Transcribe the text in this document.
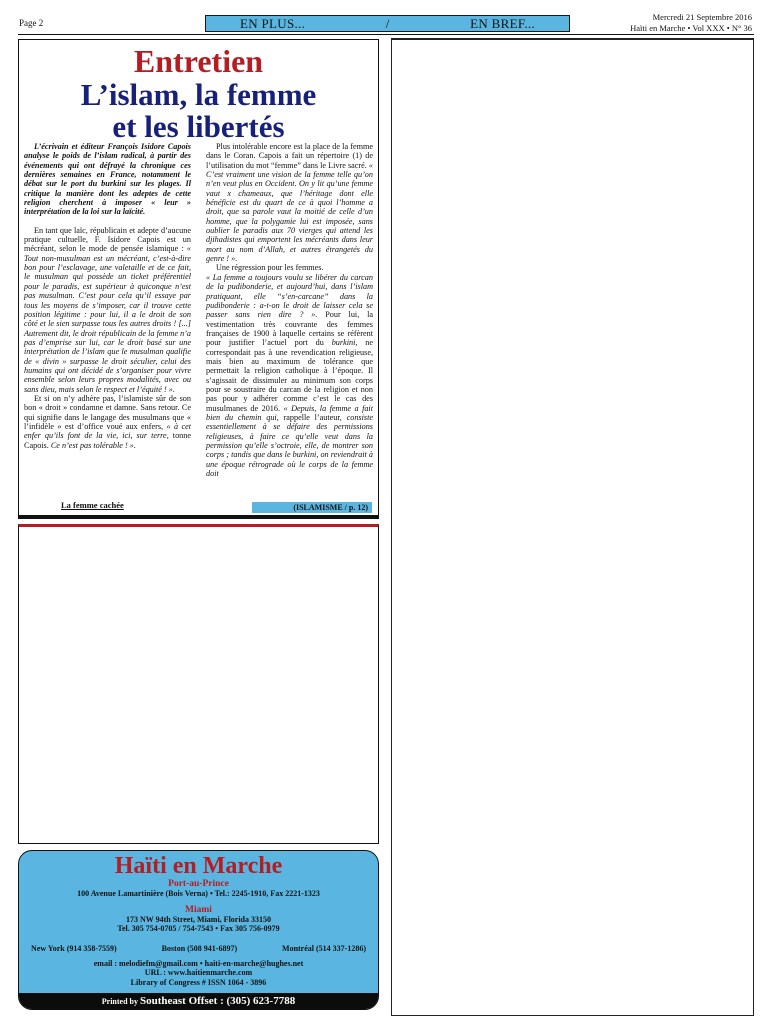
Page 2	EN PLUS...	/	EN BREF...	Mercredi 21 Septembre 2016
Haïti en Marche • Vol XXX • N° 36
Entretien
L’islam, la femme
et les libertés

L’écrivain et éditeur François Isidore Capois analyse le poids de l’islam radical, à partir des événements qui ont défrayé la chronique ces dernières semaines en France, notamment le débat sur le port du burkini sur les plages. Il critique la manière dont les adeptes de cette religion cherchent à imposer « leur » interprétation de la loi sur la laïcité.

En tant que laïc, républicain et adepte d’aucune pratique cultuelle, F. Isidore Capois est un mécréant, selon le mode de pensée islamique : « Tout non-musulman est un mécréant, c’est-à-dire bon pour l’esclavage, une valetaille et de ce fait, le musulman qui possède un ticket préférentiel pour le paradis, est supérieur à quiconque n’est pas musulman. C’est pour cela qu’il essaye par tous les moyens de s’imposer, car il trouve cette position légitime : pour lui, il a le droit de son côté et le sien surpasse tous les autres droits ! [...] Autrement dit, le droit républicain de la femme n’a pas d’emprise sur lui, car le droit basé sur une interprétation de l’islam que le musulman qualifie de « divin » surpasse le droit séculier, celui des humains qui ont décidé de s’organiser pour vivre ensemble selon leurs propres modalités, avec ou sans dieu, mais selon le respect et l’équité ! ».

Et si on n’y adhère pas, l’islamiste sûr de son bon « droit » condamne et damne. Sans retour. Ce qui signifie dans le langage des musulmans que « l’infidèle » est d’office voué aux enfers, « à cet enfer qu’ils font de la vie, ici, sur terre, tonne Capois. Ce n’est pas tolérable ! ».

Plus intolérable encore est la place de la femme dans le Coran. Capois a fait un répertoire (1) de l’utilisation du mot “femme” dans le Livre sacré. « C’est vraiment une vision de la femme telle qu’on n’en veut plus en Occident. On y lit qu’une femme vaut x chameaux, que l’héritage dont elle bénéficie est du quart de ce à quoi l’homme a droit, que sa parole vaut la moitié de celle d’un homme, que la polygamie lui est imposée, sans oublier le paradis aux 70 vierges qui attend les djihadistes qui emportent les mécréants dans leur mort au nom d’Allah, et autres étrangetés du genre ! ».

Une régression pour les femmes.

« La femme a toujours voulu se libérer du carcan de la pudibonderie, et aujourd’hui, dans l’islam pratiquant, elle “s’en-carcane” dans la pudibonderie : a-t-on le droit de laisser cela se passer sans rien dire ? ». Pour lui, la vestimentation très couvrante des femmes françaises de 1900 à laquelle certains se réfèrent pour justifier l’actuel port du burkini, ne correspondait pas à une revendication religieuse, mais bien au maximum de tolérance que permettait la religion catholique à l’époque. Il s’agissait de dissimuler au minimum son corps pour se soustraire du carcan de la religion et non pas pour y adhérer comme c’est le cas des musulmanes de 2016. « Depuis, la femme a fait bien du chemin qui, rappelle l’auteur, consiste essentiellement à se défaire des permissions religieuses, à faire ce qu’elle veut dans la permission qu’elle s’octroie, elle, de montrer son corps ; tandis que dans le burkini, on reviendrait à une époque rétrograde où le corps de la femme doit

La femme cachée	(ISLAMISME / p. 12)
Haïti en Marche
Port-au-Prince
100 Avenue Lamartinière (Bois Verna) • Tel.: 2245-1910, Fax 2221-1323
Miami
173 NW 94th Street, Miami, Florida 33150
Tel. 305 754-0705 / 754-7543 • Fax 305 756-0979
New York (914 358-7559)	Boston (508 941-6897)	Montréal (514 337-1286)
email : melodiefm@gmail.com • haiti-en-marche@hughes.net
URL : www.haitienmarche.com
Library of Congress # ISSN 1064 - 3896
Printed by Southeast Offset : (305) 623-7788
